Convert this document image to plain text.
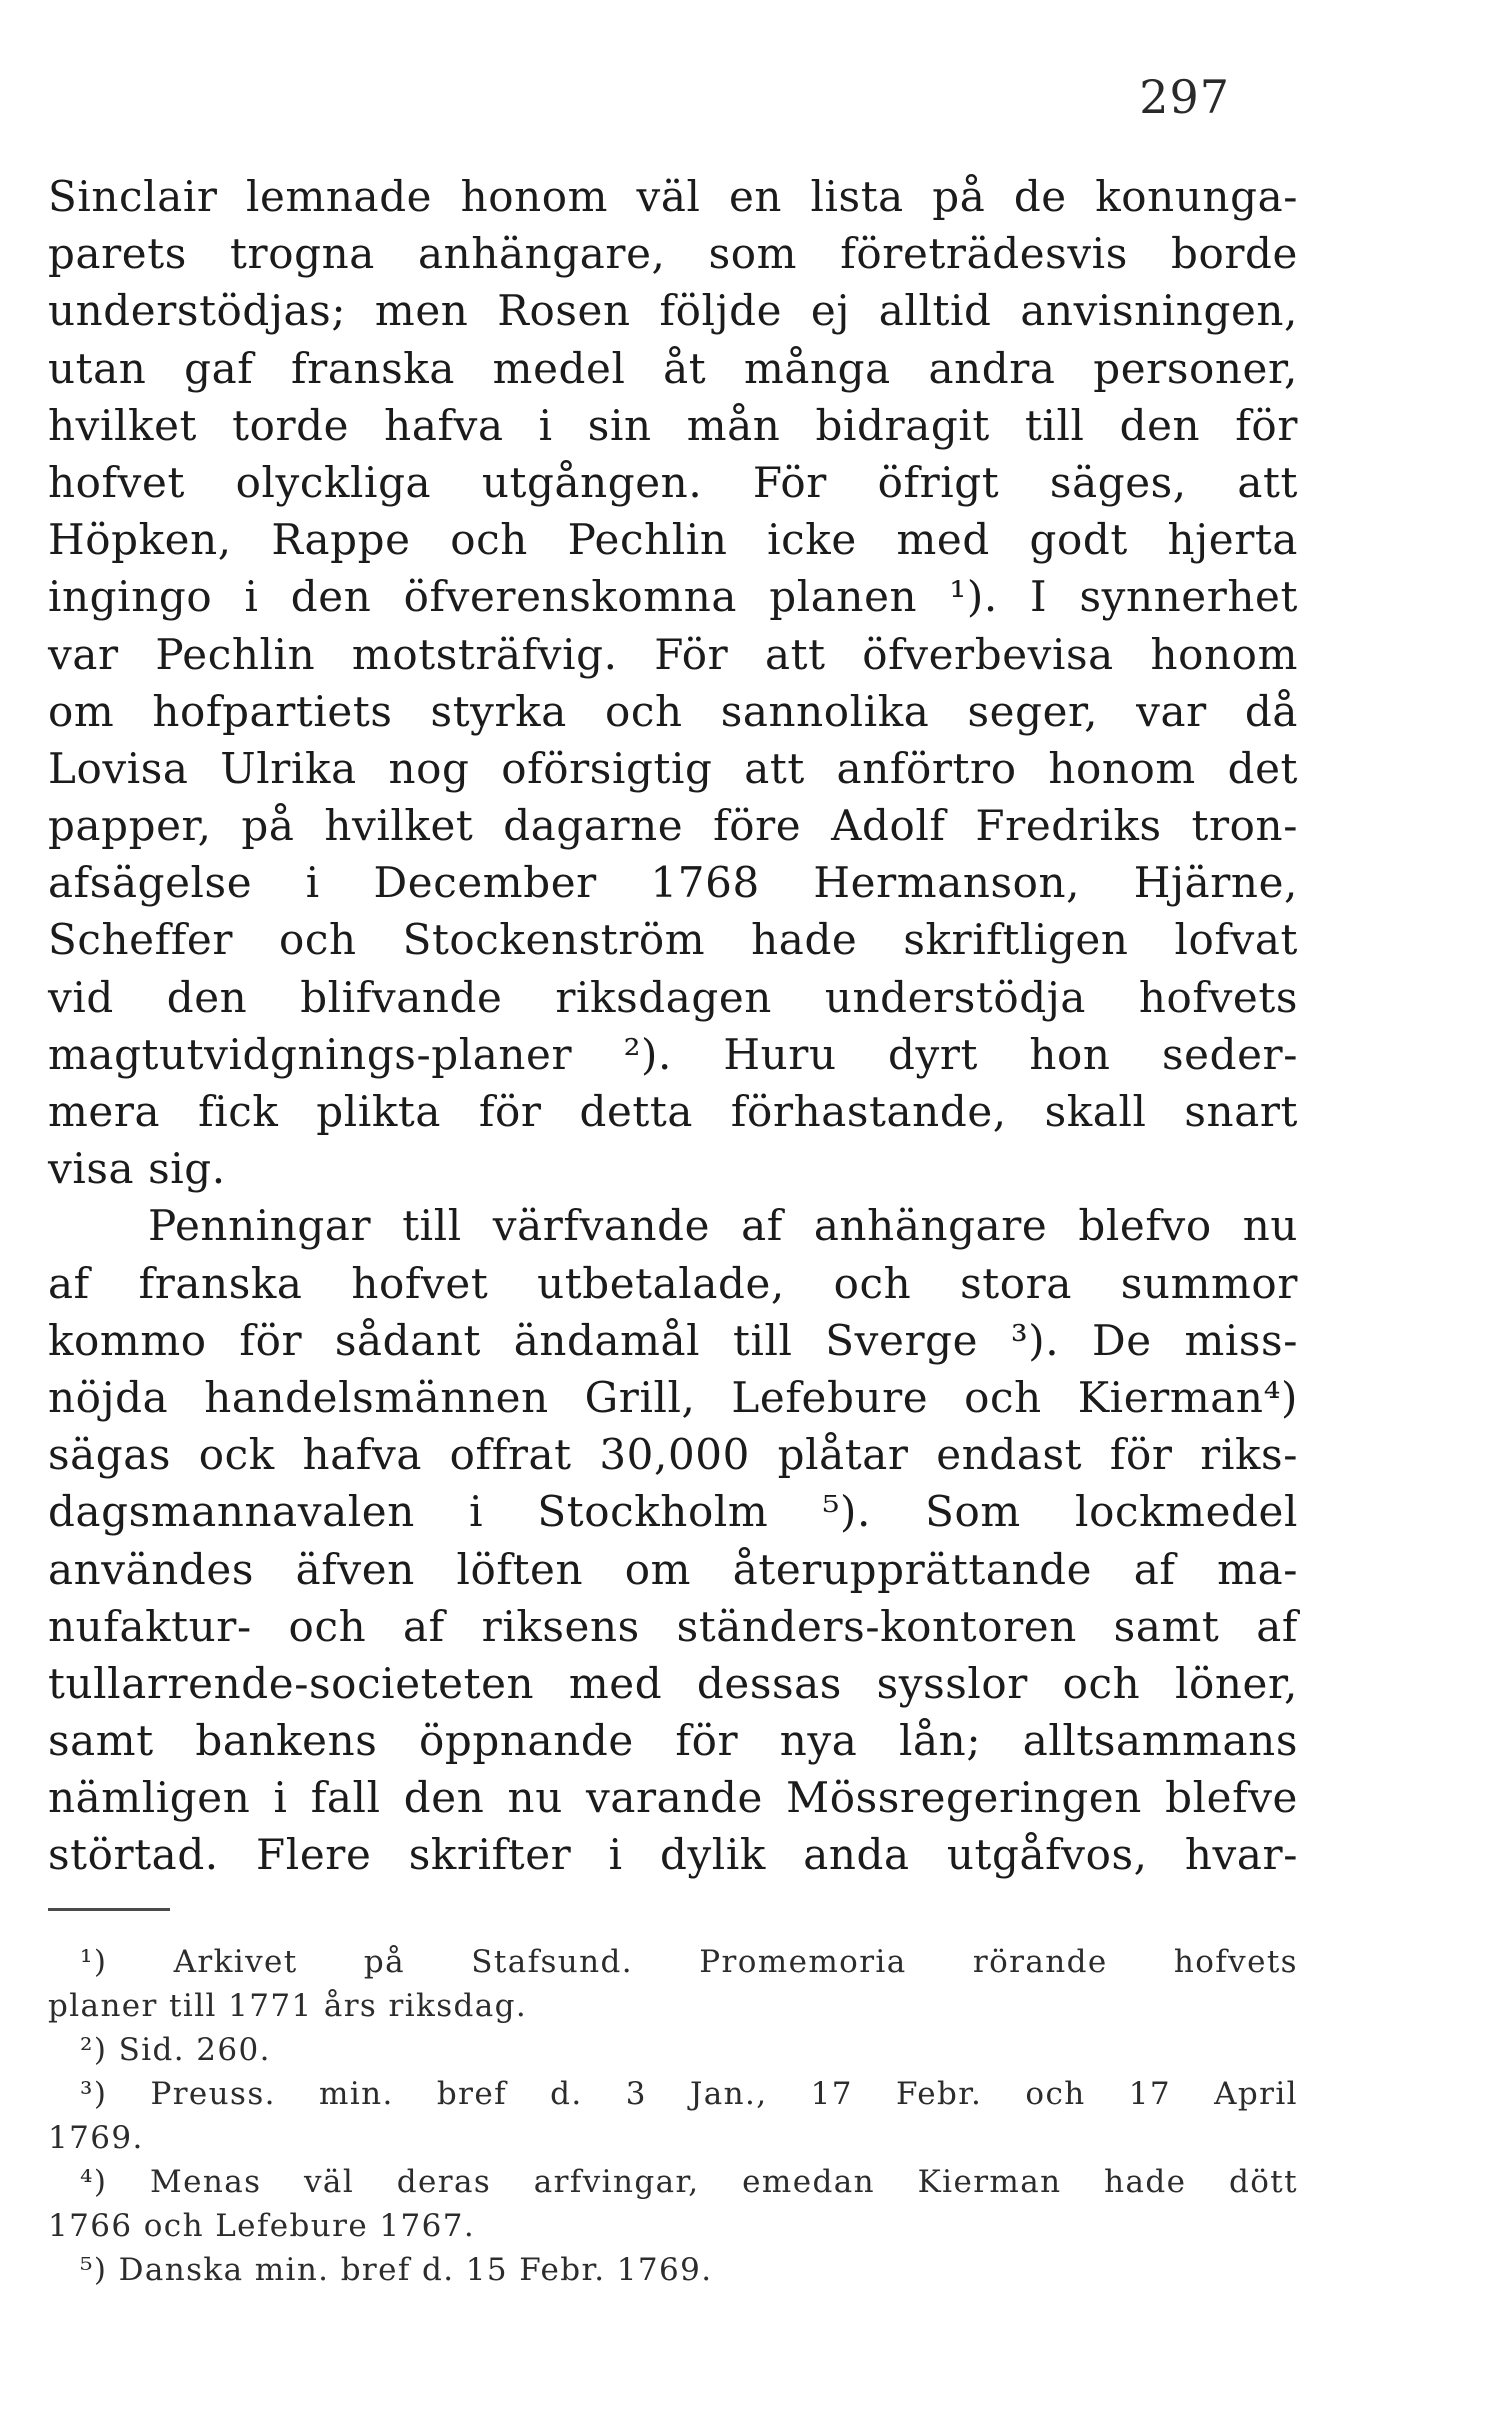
297
Sinclair lemnade honom väl en lista på de konunga-
parets trogna anhängare, som företrädesvis borde
understödjas; men Rosen följde ej alltid anvisningen,
utan gaf franska medel åt många andra personer,
hvilket torde hafva i sin mån bidragit till den för
hofvet olyckliga utgången. För öfrigt säges, att
Höpken, Rappe och Pechlin icke med godt hjerta
ingingo i den öfverenskomna planen ¹). I synnerhet
var Pechlin motsträfvig. För att öfverbevisa honom
om hofpartiets styrka och sannolika seger, var då
Lovisa Ulrika nog oförsigtig att anförtro honom det
papper, på hvilket dagarne före Adolf Fredriks tron-
afsägelse i December 1768 Hermanson, Hjärne,
Scheffer och Stockenström hade skriftligen lofvat
vid den blifvande riksdagen understödja hofvets
magtutvidgnings-planer ²). Huru dyrt hon seder-
mera fick plikta för detta förhastande, skall snart
visa sig.
Penningar till värfvande af anhängare blefvo nu
af franska hofvet utbetalade, och stora summor
kommo för sådant ändamål till Sverge ³). De miss-
nöjda handelsmännen Grill, Lefebure och Kierman⁴)
sägas ock hafva offrat 30,000 plåtar endast för riks-
dagsmannavalen i Stockholm ⁵). Som lockmedel
användes äfven löften om återupprättande af ma-
nufaktur- och af riksens ständers-kontoren samt af
tullarrende-societeten med dessas sysslor och löner,
samt bankens öppnande för nya lån; alltsammans
nämligen i fall den nu varande Mössregeringen blefve
störtad. Flere skrifter i dylik anda utgåfvos, hvar-
¹) Arkivet på Stafsund. Promemoria rörande hofvets
planer till 1771 års riksdag.
²) Sid. 260.
³) Preuss. min. bref d. 3 Jan., 17 Febr. och 17 April
1769.
⁴) Menas väl deras arfvingar, emedan Kierman hade dött
1766 och Lefebure 1767.
⁵) Danska min. bref d. 15 Febr. 1769.
